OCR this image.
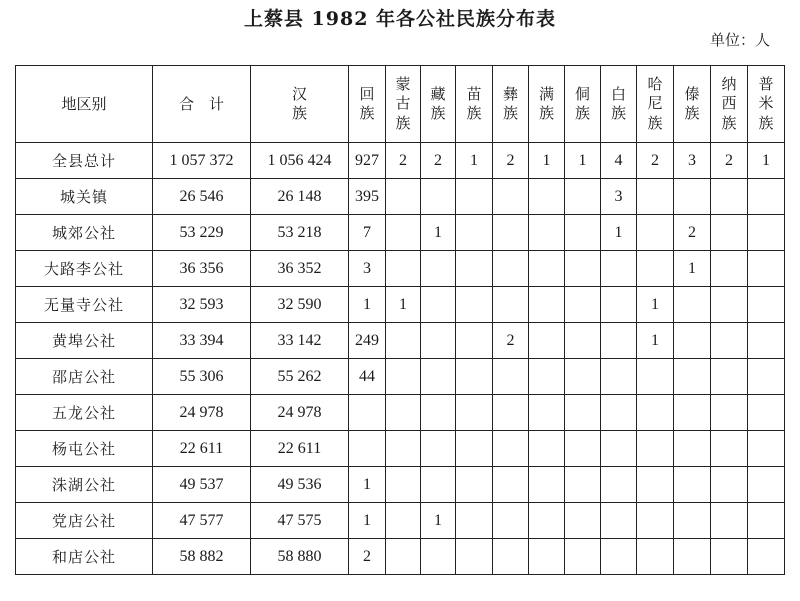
上蔡县 1982 年各公社民族分布表
单位：人
地区别	合　计	汉族	回族	蒙古族	藏族	苗族	彝族	满族	侗族	白族	哈尼族	傣族	纳西族	普米族
全县总计	1 057 372	1 056 424	927	2	2	1	2	1	1	4	2	3	2	1
城关镇	26 546	26 148	395							3				
城郊公社	53 229	53 218	7		1					1		2		
大路李公社	36 356	36 352	3									1		
无量寺公社	32 593	32 590	1	1							1			
黄埠公社	33 394	33 142	249				2				1			
邵店公社	55 306	55 262	44											
五龙公社	24 978	24 978												
杨屯公社	22 611	22 611												
洙湖公社	49 537	49 536	1											
党店公社	47 577	47 575	1		1									
和店公社	58 882	58 880	2											
